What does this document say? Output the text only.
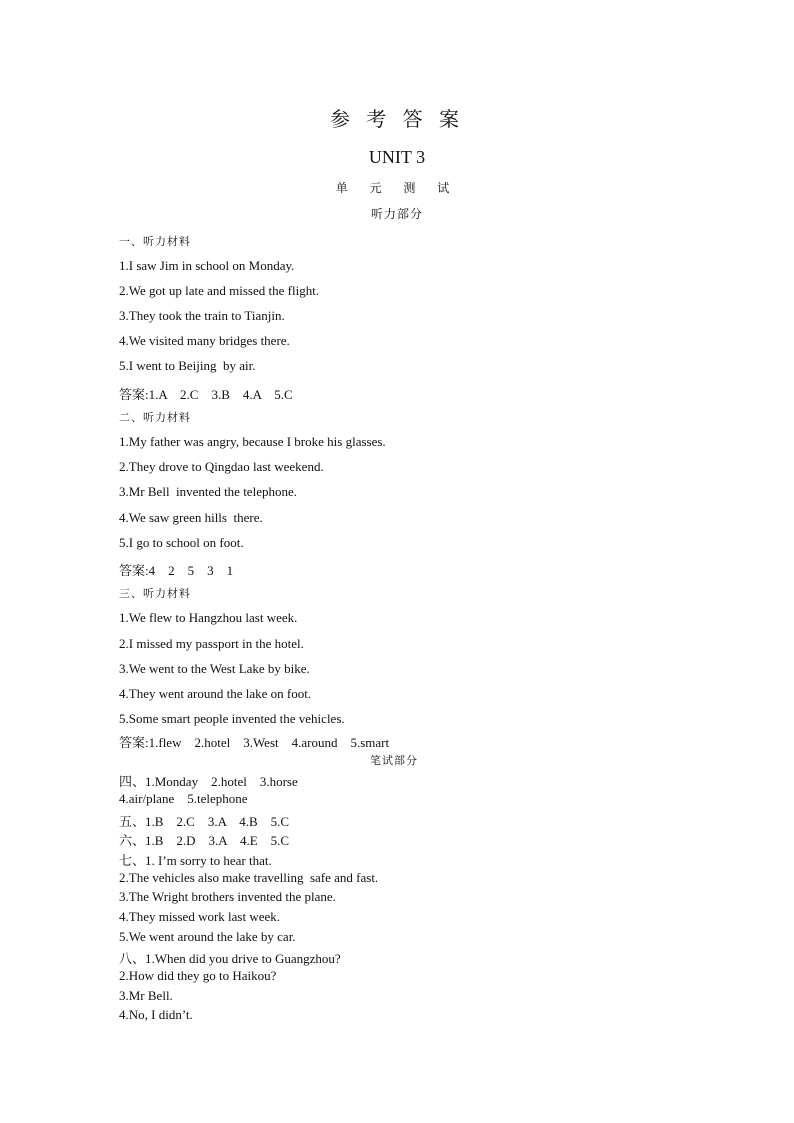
参 考 答 案
UNIT 3
单 元 测 试
听力部分
一、听力材料
1.I saw Jim in school on Monday.
2.We got up late and missed the flight.
3.They took the train to Tianjin.
4.We visited many bridges there.
5.I went to Beijing  by air.
答案:1.A    2.C    3.B    4.A    5.C
二、听力材料
1.My father was angry, because I broke his glasses.
2.They drove to Qingdao last weekend.
3.Mr Bell  invented the telephone.
4.We saw green hills  there.
5.I go to school on foot.
答案:4    2    5    3    1
三、听力材料
1.We flew to Hangzhou last week.
2.I missed my passport in the hotel.
3.We went to the West Lake by bike.
4.They went around the lake on foot.
5.Some smart people invented the vehicles.
答案:1.flew    2.hotel    3.West    4.around    5.smart
笔试部分
四、1.Monday    2.hotel    3.horse
4.air/plane    5.telephone
五、1.B    2.C    3.A    4.B    5.C
六、1.B    2.D    3.A    4.E    5.C
七、1. I’m sorry to hear that.
2.The vehicles also make travelling  safe and fast.
3.The Wright brothers invented the plane.
4.They missed work last week.
5.We went around the lake by car.
八、1.When did you drive to Guangzhou?
2.How did they go to Haikou?
3.Mr Bell.
4.No, I didn’t.
